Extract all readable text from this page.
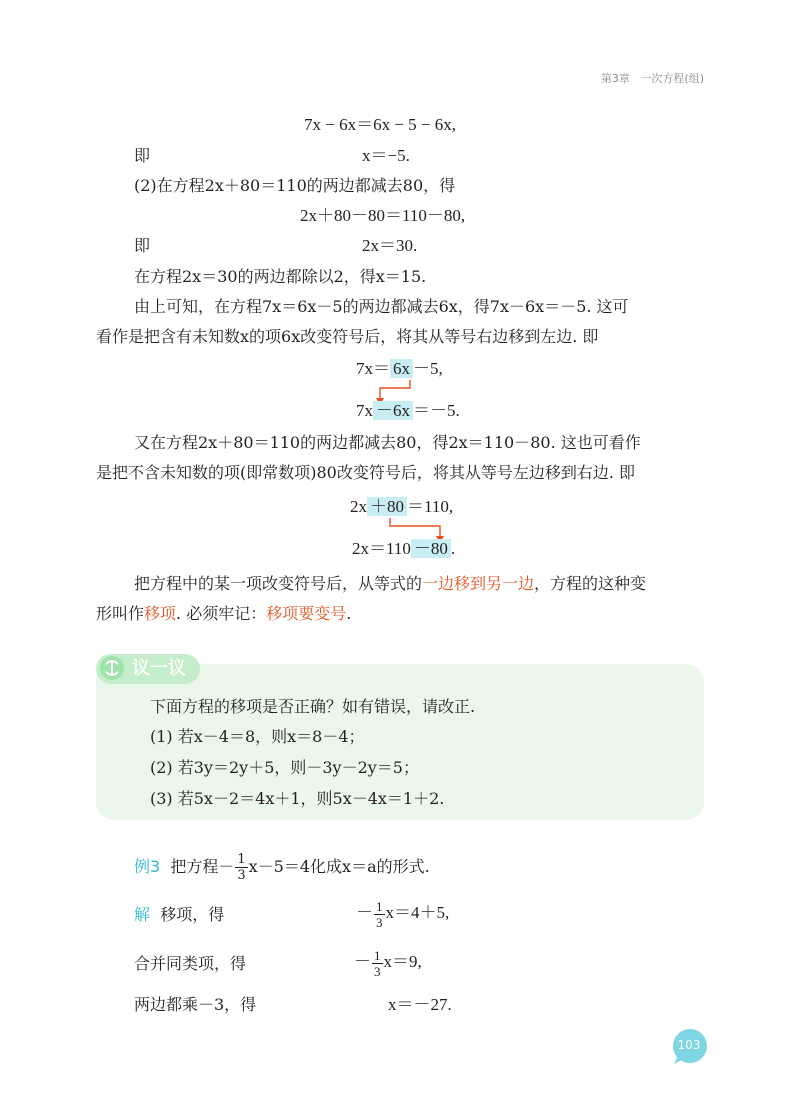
第3章 一次方程(组)
7x − 6x＝6x − 5 − 6x,
即	x＝−5.
(2)在方程2x＋80＝110的两边都减去80，得
2x＋80－80＝110－80,
即	2x＝30.
在方程2x＝30的两边都除以2，得x＝15.
由上可知，在方程7x＝6x－5的两边都减去6x，得7x－6x＝－5. 这可
看作是把含有未知数x的项6x改变符号后，将其从等号右边移到左边. 即
7x＝ 6x －5,
7x －6x ＝－5.
又在方程2x＋80＝110的两边都减去80，得2x＝110－80. 这也可看作
是把不含未知数的项(即常数项)80改变符号后，将其从等号左边移到右边. 即
2x ＋80 ＝110,
2x＝110 －80 .
把方程中的某一项改变符号后，从等式的一边移到另一边，方程的这种变
形叫作移项. 必须牢记：移项要变号.
议一议
下面方程的移项是否正确？如有错误，请改正.
(1) 若x－4＝8，则x＝8－4；
(2) 若3y＝2y＋5，则－3y－2y＝5；
(3) 若5x－2＝4x＋1，则5x－4x＝1＋2.
例3 把方程－ $\frac{1}{3} x-5=4$化成x＝a的形式.
解 移项，得	－ $\frac{1}{3} x=4+5$,
合并同类项，得	－ $\frac{1}{3} x=9$,
两边都乘－3，得	x＝－27.
103
